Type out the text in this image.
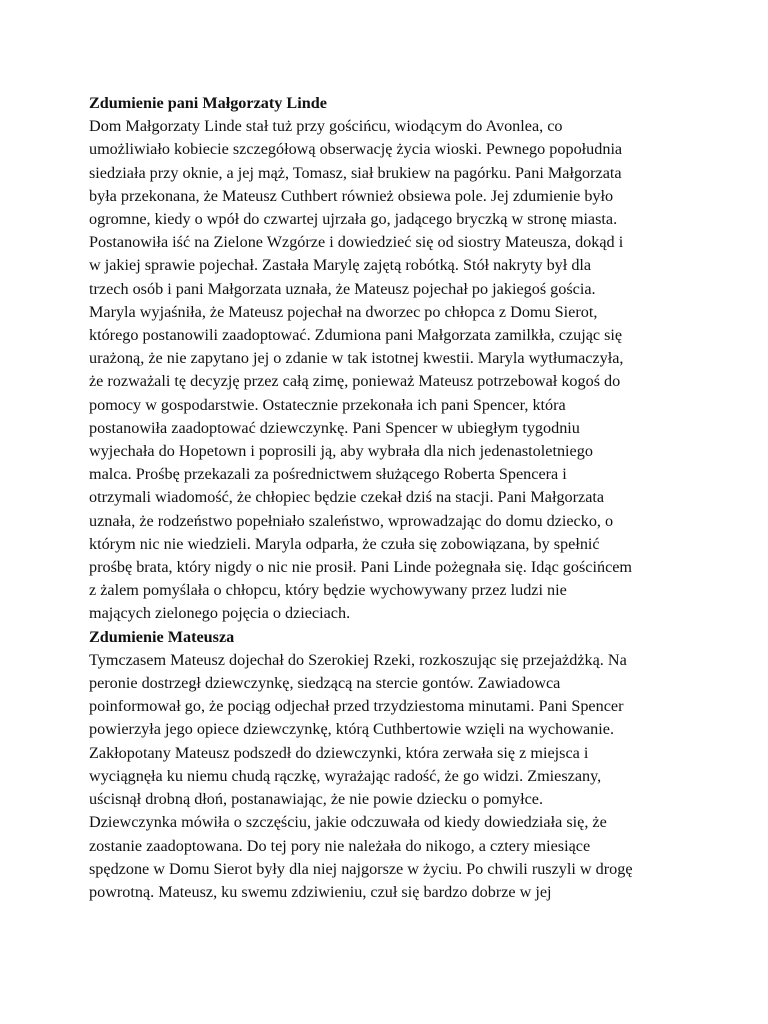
Zdumienie pani Małgorzaty Linde
Dom Małgorzaty Linde stał tuż przy gościńcu, wiodącym do Avonlea, co
umożliwiało kobiecie szczegółową obserwację życia wioski. Pewnego popołudnia
siedziała przy oknie, a jej mąż, Tomasz, siał brukiew na pagórku. Pani Małgorzata
była przekonana, że Mateusz Cuthbert również obsiewa pole. Jej zdumienie było
ogromne, kiedy o wpół do czwartej ujrzała go, jadącego bryczką w stronę miasta.
Postanowiła iść na Zielone Wzgórze i dowiedzieć się od siostry Mateusza, dokąd i
w jakiej sprawie pojechał. Zastała Marylę zajętą robótką. Stół nakryty był dla
trzech osób i pani Małgorzata uznała, że Mateusz pojechał po jakiegoś gościa.
Maryla wyjaśniła, że Mateusz pojechał na dworzec po chłopca z Domu Sierot,
którego postanowili zaadoptować. Zdumiona pani Małgorzata zamilkła, czując się
urażoną, że nie zapytano jej o zdanie w tak istotnej kwestii. Maryla wytłumaczyła,
że rozważali tę decyzję przez całą zimę, ponieważ Mateusz potrzebował kogoś do
pomocy w gospodarstwie. Ostatecznie przekonała ich pani Spencer, która
postanowiła zaadoptować dziewczynkę. Pani Spencer w ubiegłym tygodniu
wyjechała do Hopetown i poprosili ją, aby wybrała dla nich jedenastoletniego
malca. Prośbę przekazali za pośrednictwem służącego Roberta Spencera i
otrzymali wiadomość, że chłopiec będzie czekał dziś na stacji. Pani Małgorzata
uznała, że rodzeństwo popełniało szaleństwo, wprowadzając do domu dziecko, o
którym nic nie wiedzieli. Maryla odparła, że czuła się zobowiązana, by spełnić
prośbę brata, który nigdy o nic nie prosił. Pani Linde pożegnała się. Idąc gościńcem
z żalem pomyślała o chłopcu, który będzie wychowywany przez ludzi nie
mających zielonego pojęcia o dzieciach.
Zdumienie Mateusza
Tymczasem Mateusz dojechał do Szerokiej Rzeki, rozkoszując się przejażdżką. Na
peronie dostrzegł dziewczynkę, siedzącą na stercie gontów. Zawiadowca
poinformował go, że pociąg odjechał przed trzydziestoma minutami. Pani Spencer
powierzyła jego opiece dziewczynkę, którą Cuthbertowie wzięli na wychowanie.
Zakłopotany Mateusz podszedł do dziewczynki, która zerwała się z miejsca i
wyciągnęła ku niemu chudą rączkę, wyrażając radość, że go widzi. Zmieszany,
uścisnął drobną dłoń, postanawiając, że nie powie dziecku o pomyłce.
Dziewczynka mówiła o szczęściu, jakie odczuwała od kiedy dowiedziała się, że
zostanie zaadoptowana. Do tej pory nie należała do nikogo, a cztery miesiące
spędzone w Domu Sierot były dla niej najgorsze w życiu. Po chwili ruszyli w drogę
powrotną. Mateusz, ku swemu zdziwieniu, czuł się bardzo dobrze w jej
